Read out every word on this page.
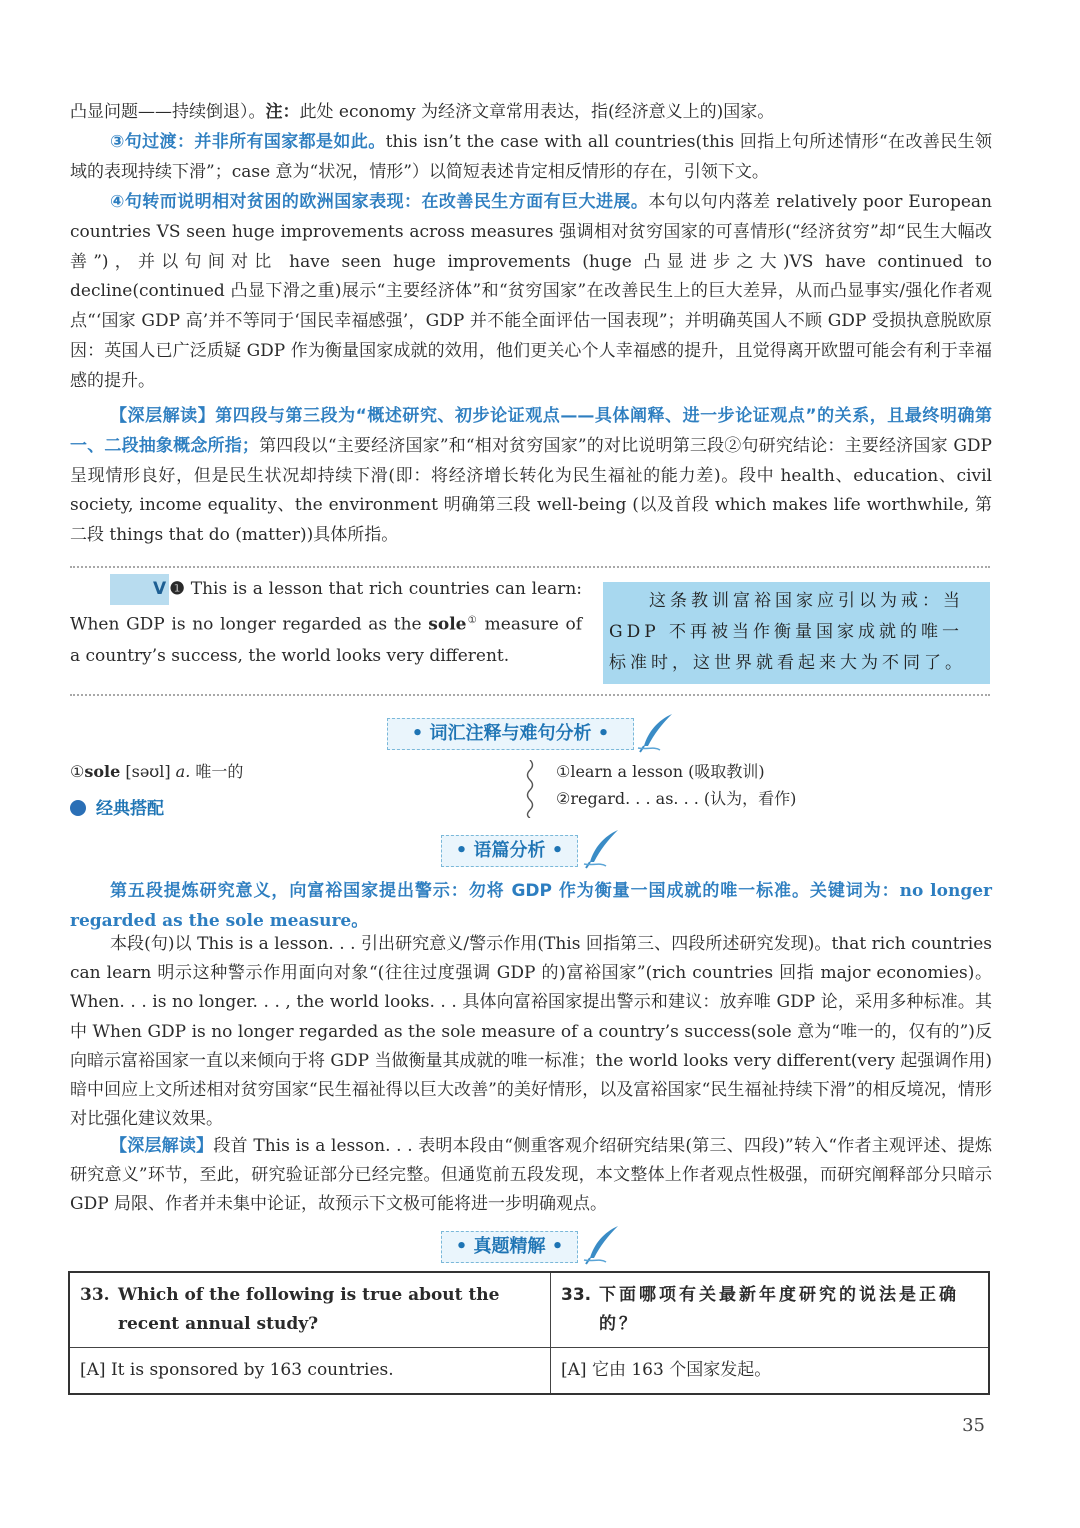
凸显问题——持续倒退）。注：此处 economy 为经济文章常用表达，指(经济意义上的)国家。

③句过渡：并非所有国家都是如此。this isn’t the case with all countries(this 回指上句所述情形“在改善民生领域的表现持续下滑”；case 意为“状况，情形”）以简短表述肯定相反情形的存在，引领下文。

④句转而说明相对贫困的欧洲国家表现：在改善民生方面有巨大进展。本句以句内落差 relatively poor European countries VS seen huge improvements across measures 强调相对贫穷国家的可喜情形(“经济贫穷”却“民生大幅改善”)，并以句间对比 have seen huge improvements (huge 凸显进步之大)VS have continued to decline(continued 凸显下滑之重)展示“主要经济体”和“贫穷国家”在改善民生上的巨大差异，从而凸显事实/强化作者观点“‘国家 GDP 高’并不等同于‘国民幸福感强’，GDP 并不能全面评估一国表现”；并明确英国人不顾 GDP 受损执意脱欧原因：英国人已广泛质疑 GDP 作为衡量国家成就的效用，他们更关心个人幸福感的提升，且觉得离开欧盟可能会有利于幸福感的提升。

【深层解读】第四段与第三段为“概述研究、初步论证观点——具体阐释、进一步论证观点”的关系，且最终明确第一、二段抽象概念所指；第四段以“主要经济国家”和“相对贫穷国家”的对比说明第三段②句研究结论：主要经济国家 GDP 呈现情形良好，但是民生状况却持续下滑(即：将经济增长转化为民生福祉的能力差)。段中 health、education、civil society, income equality、the environment 明确第三段 well-being (以及首段 which makes life worthwhile, 第二段 things that do (matter))具体所指。

V ❶ This is a lesson that rich countries can learn: When GDP is no longer regarded as the sole① measure of a country’s success, the world looks very different.

这条教训富裕国家应引以为戒：当 GDP 不再被当作衡量国家成就的唯一标准时，这世界就看起来大为不同了。

• 词汇注释与难句分析 •

①sole [səʊl] a. 唯一的

经典搭配

①learn a lesson (吸取教训)

②regard. . . as. . . (认为，看作)

• 语篇分析 •

第五段提炼研究意义，向富裕国家提出警示：勿将 GDP 作为衡量一国成就的唯一标准。关键词为：no longer regarded as the sole measure。

本段(句)以 This is a lesson. . . 引出研究意义/警示作用(This 回指第三、四段所述研究发现)。that rich countries can learn 明示这种警示作用面向对象“(往往过度强调 GDP 的)富裕国家”(rich countries 回指 major economies)。When. . . is no longer. . . , the world looks. . . 具体向富裕国家提出警示和建议：放弃唯 GDP 论，采用多种标准。其中 When GDP is no longer regarded as the sole measure of a country’s success(sole 意为“唯一的，仅有的”)反向暗示富裕国家一直以来倾向于将 GDP 当做衡量其成就的唯一标准；the world looks very different(very 起强调作用)暗中回应上文所述相对贫穷国家“民生福祉得以巨大改善”的美好情形，以及富裕国家“民生福祉持续下滑”的相反境况，情形对比强化建议效果。

【深层解读】段首 This is a lesson. . . 表明本段由“侧重客观介绍研究结果(第三、四段)”转入“作者主观评述、提炼研究意义”环节，至此，研究验证部分已经完整。但通览前五段发现，本文整体上作者观点性极强，而研究阐释部分只暗示 GDP 局限、作者并未集中论证，故预示下文极可能将进一步明确观点。

• 真题精解 •
33. Which of the following is true about the recent annual study?	33. 下面哪项有关最新年度研究的说法是正确的？
[A] It is sponsored by 163 countries.	[A] 它由 163 个国家发起。
35
